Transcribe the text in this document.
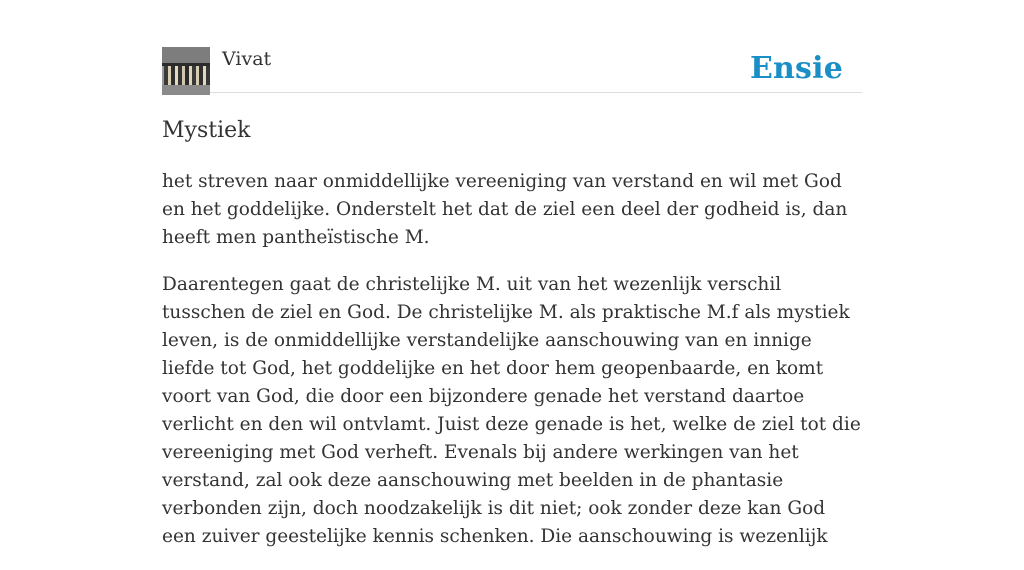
Vivat	Ensie
Mystiek

het streven naar onmiddellijke vereeniging van verstand en wil met God en het goddelijke. Onderstelt het dat de ziel een deel der godheid is, dan heeft men pantheïstische M.

Daarentegen gaat de christelijke M. uit van het wezenlijk verschil tusschen de ziel en God. De christelijke M. als praktische M.f als mystiek leven, is de onmiddellijke verstandelijke aanschouwing van en innige liefde tot God, het goddelijke en het door hem geopenbaarde, en komt voort van God, die door een bijzondere genade het verstand daartoe verlicht en den wil ontvlamt. Juist deze genade is het, welke de ziel tot die vereeniging met God verheft. Evenals bij andere werkingen van het verstand, zal ook deze aanschouwing met beelden in de phantasie verbonden zijn, doch noodzakelijk is dit niet; ook zonder deze kan God een zuiver geestelijke kennis schenken. Die aanschouwing is wezenlijk
